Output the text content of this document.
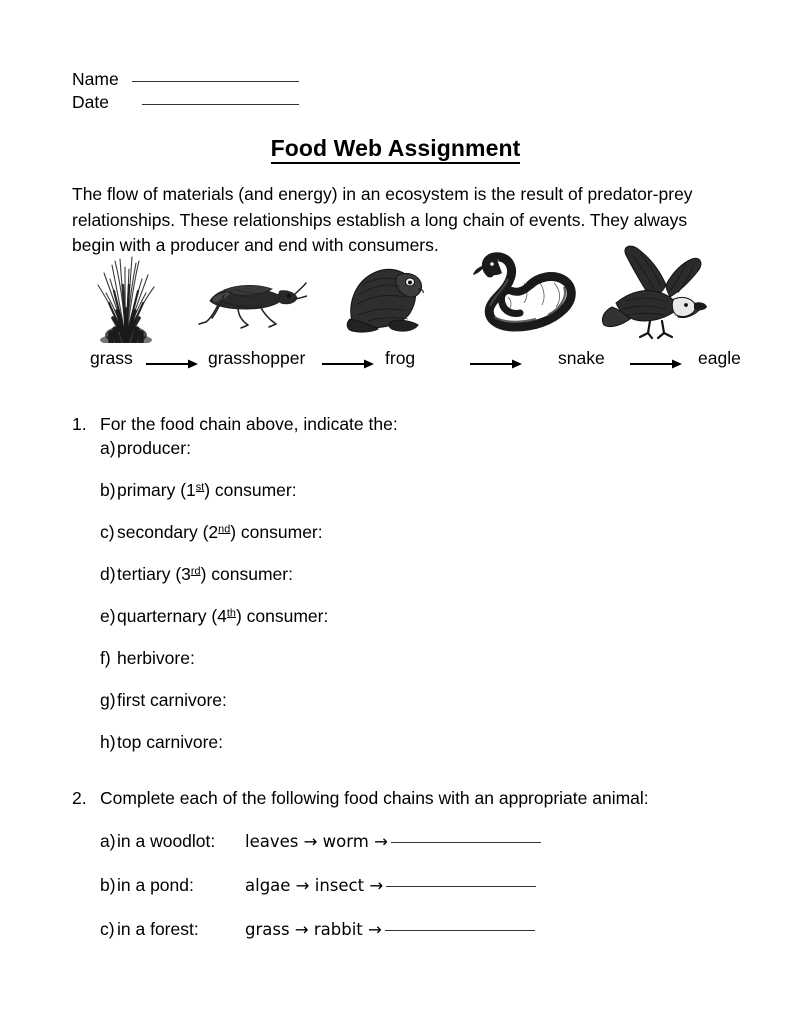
Name
Date
Food Web Assignment
The flow of materials (and energy) in an ecosystem is the result of predator-prey relationships. These relationships establish a long chain of events. They always begin with a producer and end with consumers.
grass	grasshopper	frog	snake	eagle
1. For the food chain above, indicate the:
a) producer:
b) primary (1st) consumer:
c) secondary (2nd) consumer:
d) tertiary (3rd) consumer:
e) quarternary (4th) consumer:
f) herbivore:
g) first carnivore:
h) top carnivore:
2. Complete each of the following food chains with an appropriate animal:
a) in a woodlot:	leaves → worm →
b) in a pond:	algae → insect →
c) in a forest:	grass → rabbit →
